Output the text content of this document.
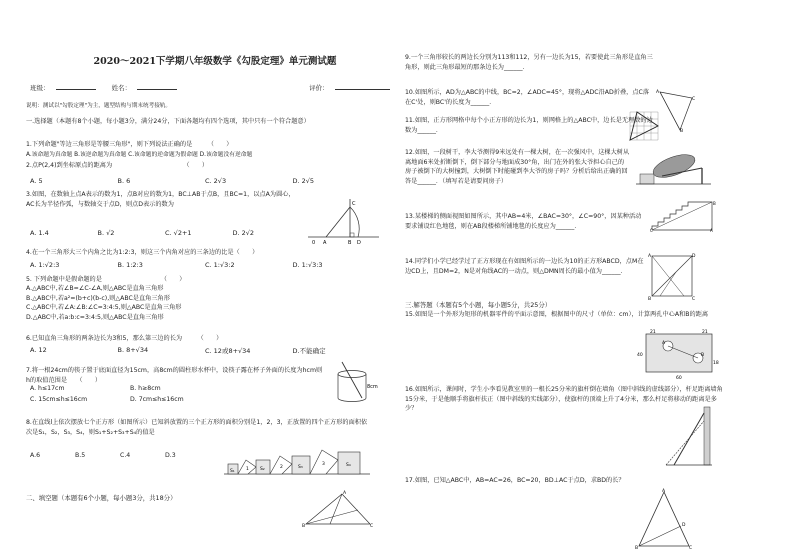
2020～2021下学期八年级数学《勾股定理》单元测试题
班级：	姓名：	评价：
说明：测试以"勾股定理"为主，题型结构与期末统考接轨。
一.选择题（本题有8个小题，每小题3分，满分24分，下面各题均有四个选项，其中只有一个符合题意）
1.下列命题"等边三角形是等腰三角形"，则下列说法正确的是　　　（　　）
A.该命题为真命题 B.该逆命题为真命题 C.该命题的逆命题为假命题 D.该命题没有逆命题
2.点P(2,4)到坐标原点的距离为　　　　　　　　　　　　（　　）
A. 5	B. 6	C. 2√3	D. 2√5
3.如图，在数轴上点A表示的数为1，点B对应的数为1，BC⊥AB于点B，且BC=1，以点A为圆心，AC长为半径作弧，与数轴交于点D，则点D表示的数为
A. 1.4	B. √2	C. √2+1	D. 2√2
C
A	B D
0
4.在一个三角形大三个内角之比为1:2:3，则这三个内角对应的三条边的比是（　　）
A. 1:√2:3	B. 1:2:3	C. 1:√3:2	D. 1:√3:3
5. 下列命题中是假命题的是　　　　　　　　　　（　　）
A.△ABC中,若∠B=∠C-∠A,则△ABC是直角三角形
B.△ABC中,若a²=(b+c)(b-c),则△ABC是直角三角形
C.△ABC中,若∠A:∠B:∠C=3:4:5,则△ABC是直角三角形
D.△ABC中,若a:b:c=3:4:5,则△ABC是直角三角形
6.已知直角三角形的两条边长为3和5，那么第三边的长为　　　（　　）
A. 12	B. 8+√34	C. 12或8+√34	D.不能确定
7.将一根24cm的筷子置于底面直径为15cm，高8cm的圆柱形水杯中，设筷子露在杯子外面的长度为hcm则h的取值范围是　　（　　）
A. h≤17cm	B. h≥8cm
C. 15cm≤h≤16cm	D. 7cm≤h≤16cm
8cm
8.在直线l上依次摆放七个正方形（如图所示）已知斜放置的三个正方形的面积分别是1，2，3，正放置的四个正方形的面积依次是S₁，S₂，S₃，S₄，则S₁+S₂+S₃+S₄的值是
A.6	B.5	C.4	D.3
S₁	S₂	S₃	S₄
1	2
3
二、填空题（本题有6个小题，每小题3分，共18分）
B	C
A
9.一个三角形较长的两边长分别为113和112，另有一边长为15，若要使此三角形是直角三角形，则此三角形最短的那条边长为______．
10.如图所示，AD为△ABC的中线，BC=2，∠ADC=45°，现将△ADC沿AD折叠，点C落在C'处，则BC'的长度为______．
A
C
B
11.如图，正方形网格中每个小正方形的边长为1，则网格上的△ABC中，边长是无理数的边数为______．
12.如图，一段树干，李大爷测得9米远处有一棵大树，在一次强风中，这棵大树从离地面6米处折断倒下，倒下部分与地面成30°角，出门在外的张大爷担心自己的房子被倒下的大树撞到，大树倒下时能碰到李大爷的房子吗？分析后给出正确的回答是______．（填写若是请要问房子）
13.某楼梯的侧面视图如图所示，其中AB=4米，∠BAC=30°，∠C=90°，因某种活动要求铺设红色地毯，则在AB段楼梯所铺地毯的长度应为______．
C	A
B
14.同学们小学已经学过了正方形现在有如图所示的一边长为10的正方形ABCD，点M在边CD上，且DM=2，N是对角线AC的一动点，则△DMN周长的最小值为______．
A	D
B	C
三.解答题（本题有5个小题，每小题5分，共25分）
15.如图是一个外形为矩形的机器零件的平面示意图，根据图中的尺寸（单位：cm），计算两孔中心A和B的距离
21
40
A
B
18
60
21
16.如图所示，课间时，学生小李看见教室里的一根长25分米的旗杆倒在墙角（图中斜线的虚线部分），杆足距离墙角15分米，于是他顺手将旗杆扶正（图中斜线的实线部分），使旗杆的顶端上升了4分米，那么杆足将移动的距离是多少？
17.如图，已知△ABC中，AB=AC=26，BC=20，BD⊥AC于点D，求BD的长？
A
B	C
D
